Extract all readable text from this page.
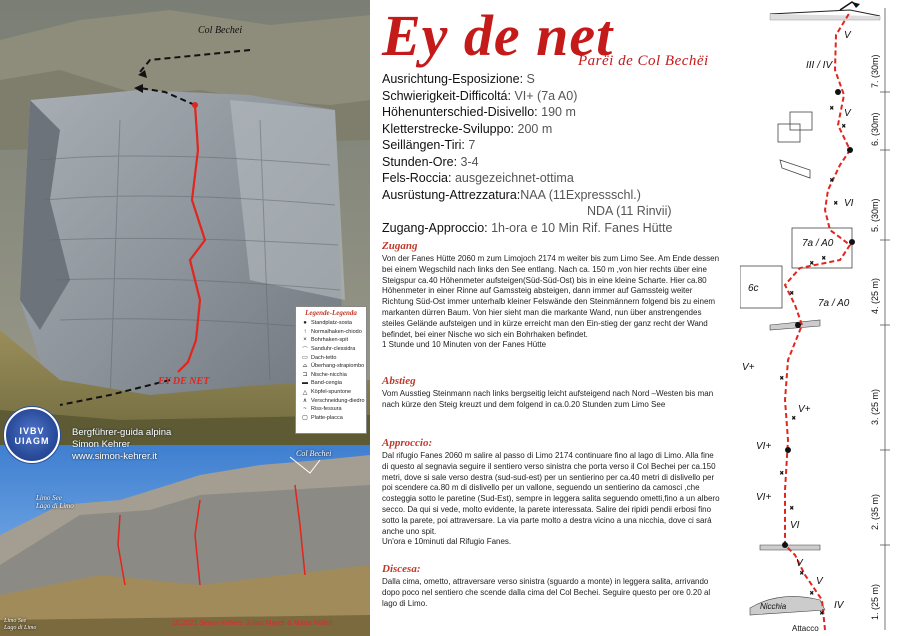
Col Bechei
EY DE NET
Col Bechei
Limo See
Lago di Limo
Limo See
Lago di Limo
10.2021 Simon Kehrer, Julian Mayer & Marta Willeit
Legende-Legenda
● Standplatz-sosta
↑ Normalhaken-chiodo
× Bohrhaken-spit
⌒ Sanduhr-clessidra
▭ Dach-tetto
⌓ Überhang-strapiombo
⊐ Nische-nicchia
▬ Band-cengia
△ Köpfel-spuntone
∧ Verschneidung-diedro
~ Riss-fessura
▢ Platte-placca
IVBV UIAGM
Bergführer-guida alpina
Simon Kehrer
www.simon-kehrer.it
Ey de net
Parëi de Col Bechëi
Ausrichtung-Esposizione: S
Schwierigkeit-Difficoltá: VI+ (7a A0)
Höhenunterschied-Disivello: 190 m
Kletterstrecke-Sviluppo: 200 m
Seillängen-Tiri: 7
Stunden-Ore: 3-4
Fels-Roccia: ausgezeichnet-ottima
Ausrüstung-Attrezzatura:NAA (11Expressschl.)
NDA (11 Rinvii)
Zugang-Approccio: 1h-ora e 10 Min Rif. Fanes Hütte
Zugang
Von der Fanes Hütte 2060 m zum Limojoch 2174 m weiter bis zum Limo See. Am Ende dessen bei einem Wegschild nach links den See entlang. Nach ca. 150 m ,von hier rechts über eine Steigspur ca.40 Höhenmeter aufsteigen(Süd-Süd-Ost) bis in eine kleine Scharte. Hier ca.80 Höhenmeter in einer Rinne auf Gamssteig absteigen, dann immer auf Gamssteig weiter Richtung Süd-Ost immer unterhalb kleiner Felswände den Steinmännern folgend bis zu einem markanten dürren Baum. Von hier sieht man die markante Wand, nun über anstrengendes steiles Gelände aufsteigen und in kürze erreicht man den Ein-stieg der ganz recht der Wand befindet, bei einer Nische wo sich ein Bohrhaken befindet.
1 Stunde und 10 Minuten von der Fanes Hütte
Abstieg
Vom Ausstieg Steinmann nach links bergseitig leicht aufsteigend nach Nord –Westen bis man nach kürze den Steig kreuzt und dem folgend in ca.0.20 Stunden zum Limo See
Approccio:
Dal rifugio Fanes 2060 m salire al passo di Limo 2174 continuare fino al lago di Limo. Alla fine di questo al segnavia seguire il sentiero verso sinistra che porta verso il Col Bechei per ca.150 metri, dove si sale verso destra (sud-sud-est) per un sentierino per ca.40 metri di dislivello per poi scendere ca.80 m di dislivello per un vallone, seguendo un sentierino da camosci ,che costeggia sotto le paretine (Sud-Est), sempre in leggera salita seguendo ometti,fino a un albero secco. Da qui si vede, molto evidente, la parete interessata. Salire dei ripidi pendii erbosi fino sotto la parete, poi attraversare. La via parte molto a destra vicino a una nicchia, dove ci sará anche uno spit.
Un'ora e 10minuti dal Rifugio Fanes.
Discesa:
Dalla cima, ometto, attraversare verso sinistra (sguardo a monte) in leggera salita, arrivando dopo poco nel sentiero che scende dalla cima del Col Bechei. Seguire questo per ore 0.20 al lago di Limo.
×
×
×
×
×
×
×
×
×
×
×
×
×
×
V
III / IV
V
VI
7a / A0
6c
7a / A0
V+
V+
VI+
VI+
VI
V
V
IV
7. (30m)
6. (30m)
5. (30m)
4. (25 m)
3. (25 m)
2. (35 m)
1. (25 m)
Nicchia
Attacco
